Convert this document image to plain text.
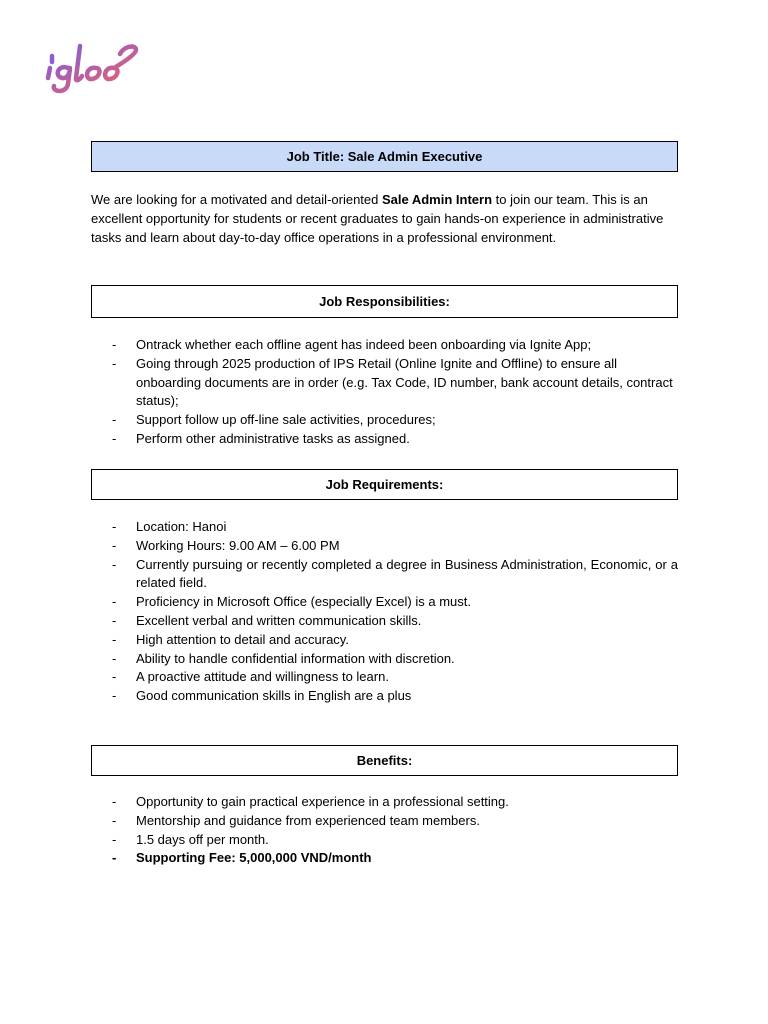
Job Title: Sale Admin Executive

We are looking for a motivated and detail-oriented Sale Admin Intern to join our team. This is an excellent opportunity for students or recent graduates to gain hands-on experience in administrative tasks and learn about day-to-day office operations in a professional environment.

Job Responsibilities:
- Ontrack whether each offline agent has indeed been onboarding via Ignite App;
- Going through 2025 production of IPS Retail (Online Ignite and Offline) to ensure all onboarding documents are in order (e.g. Tax Code, ID number, bank account details, contract status);
- Support follow up off-line sale activities, procedures;
- Perform other administrative tasks as assigned.
Job Requirements:
- Location: Hanoi
- Working Hours: 9.00 AM – 6.00 PM
- Currently pursuing or recently completed a degree in Business Administration, Economic, or a related field.
- Proficiency in Microsoft Office (especially Excel) is a must.
- Excellent verbal and written communication skills.
- High attention to detail and accuracy.
- Ability to handle confidential information with discretion.
- A proactive attitude and willingness to learn.
- Good communication skills in English are a plus
Benefits:
- Opportunity to gain practical experience in a professional setting.
- Mentorship and guidance from experienced team members.
- 1.5 days off per month.
- Supporting Fee: 5,000,000 VND/month
